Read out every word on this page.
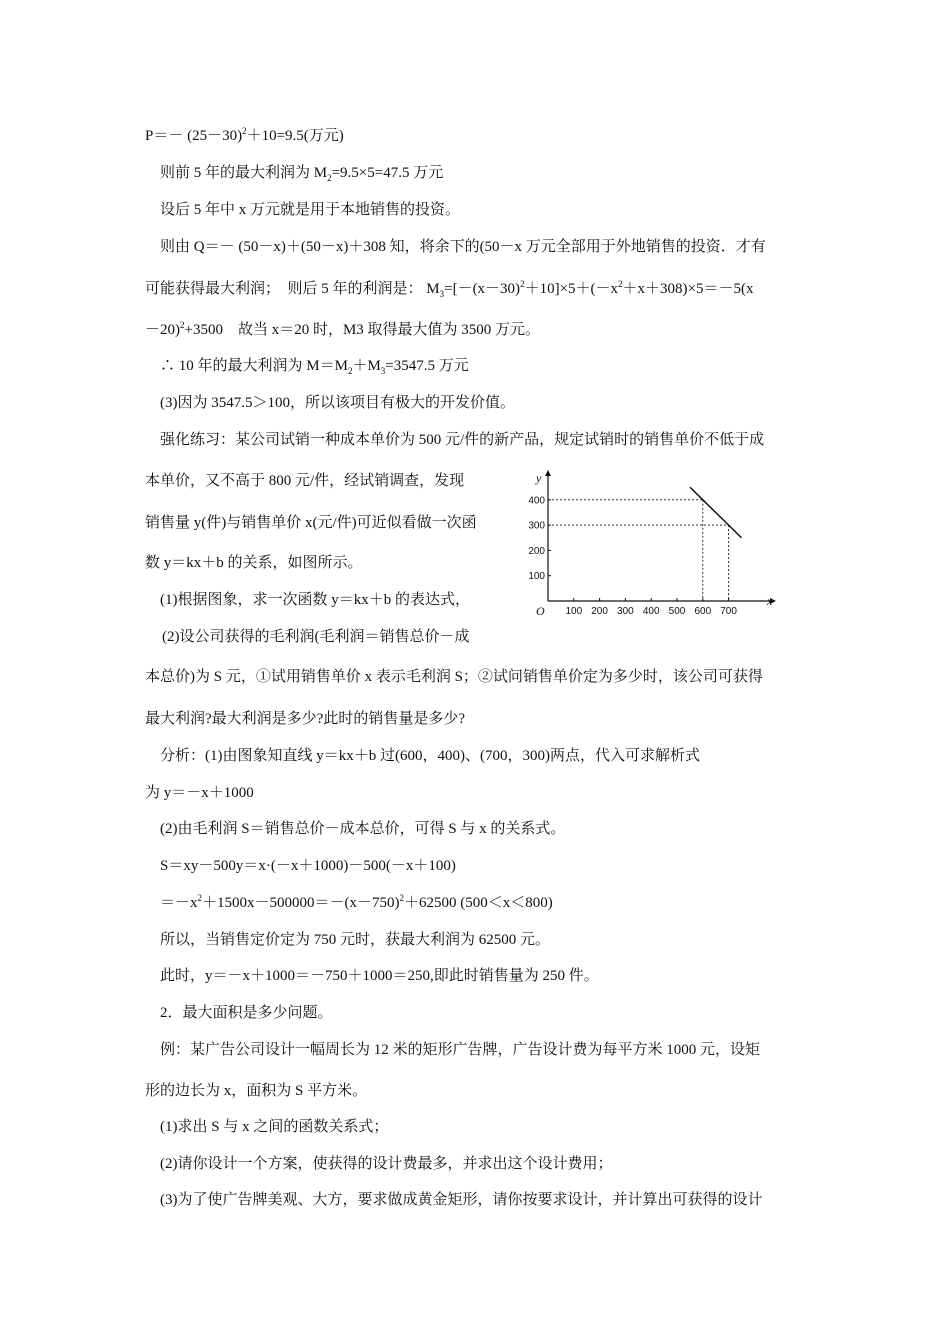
$P=- (25-30)^2+10=9.5$(万元)
则前 5 年的最大利润为 $M_2=9.5\times 5=47.5$ 万元
设后 5 年中 x 万元就是用于本地销售的投资。
则由 Q＝－ (50－x)＋(50－x)＋308 知，将余下的(50－x 万元全部用于外地销售的投资．才有
可能获得最大利润；　则后 5 年的利润是： $M_3=[-(x-30)^2+10]\times 5+(-x^2+x+308)\times 5=-5(x$
－20)$^2$+3500　故当 x＝20 时，M3 取得最大值为 3500 万元。
∴ 10 年的最大利润为 $M=M_2+M_3=3547.5$ 万元
(3)因为 3547.5＞100，所以该项目有极大的开发价值。
强化练习：某公司试销一种成本单价为 500 元/件的新产品，规定试销时的销售单价不低于成
本单价，又不高于 800 元/件，经试销调查，发现
销售量 y(件)与销售单价 x(元/件)可近似看做一次函
数 y＝kx＋b 的关系，如图所示。
(1)根据图象，求一次函数 y＝kx＋b 的表达式，
(2)设公司获得的毛利润(毛利润＝销售总价－成
100 200 300 400 500 600 700
100
200
300
400
O
x
y
本总价)为 S 元，①试用销售单价 x 表示毛利润 S；②试问销售单价定为多少时，该公司可获得
最大利润?最大利润是多少?此时的销售量是多少?
分析：(1)由图象知直线 y＝kx＋b 过(600，400)、(700，300)两点，代入可求解析式
为 y＝－x＋1000
(2)由毛利润 S＝销售总价－成本总价，可得 S 与 x 的关系式。
S＝xy－500y＝x·(－x＋1000)－500(－x＋100)
$=-x^2+1500x-500000=-(x-750)^2+62500$ (500＜x＜800)
所以，当销售定价定为 750 元时，获最大利润为 62500 元。
此时，y＝－x＋1000＝－750＋1000＝250,即此时销售量为 250 件。
2．最大面积是多少问题。
例：某广告公司设计一幅周长为 12 米的矩形广告牌，广告设计费为每平方米 1000 元，设矩
形的边长为 x，面积为 S 平方米。
(1)求出 S 与 x 之间的函数关系式；
(2)请你设计一个方案，使获得的设计费最多，并求出这个设计费用；
(3)为了使广告牌美观、大方，要求做成黄金矩形，请你按要求设计，并计算出可获得的设计
